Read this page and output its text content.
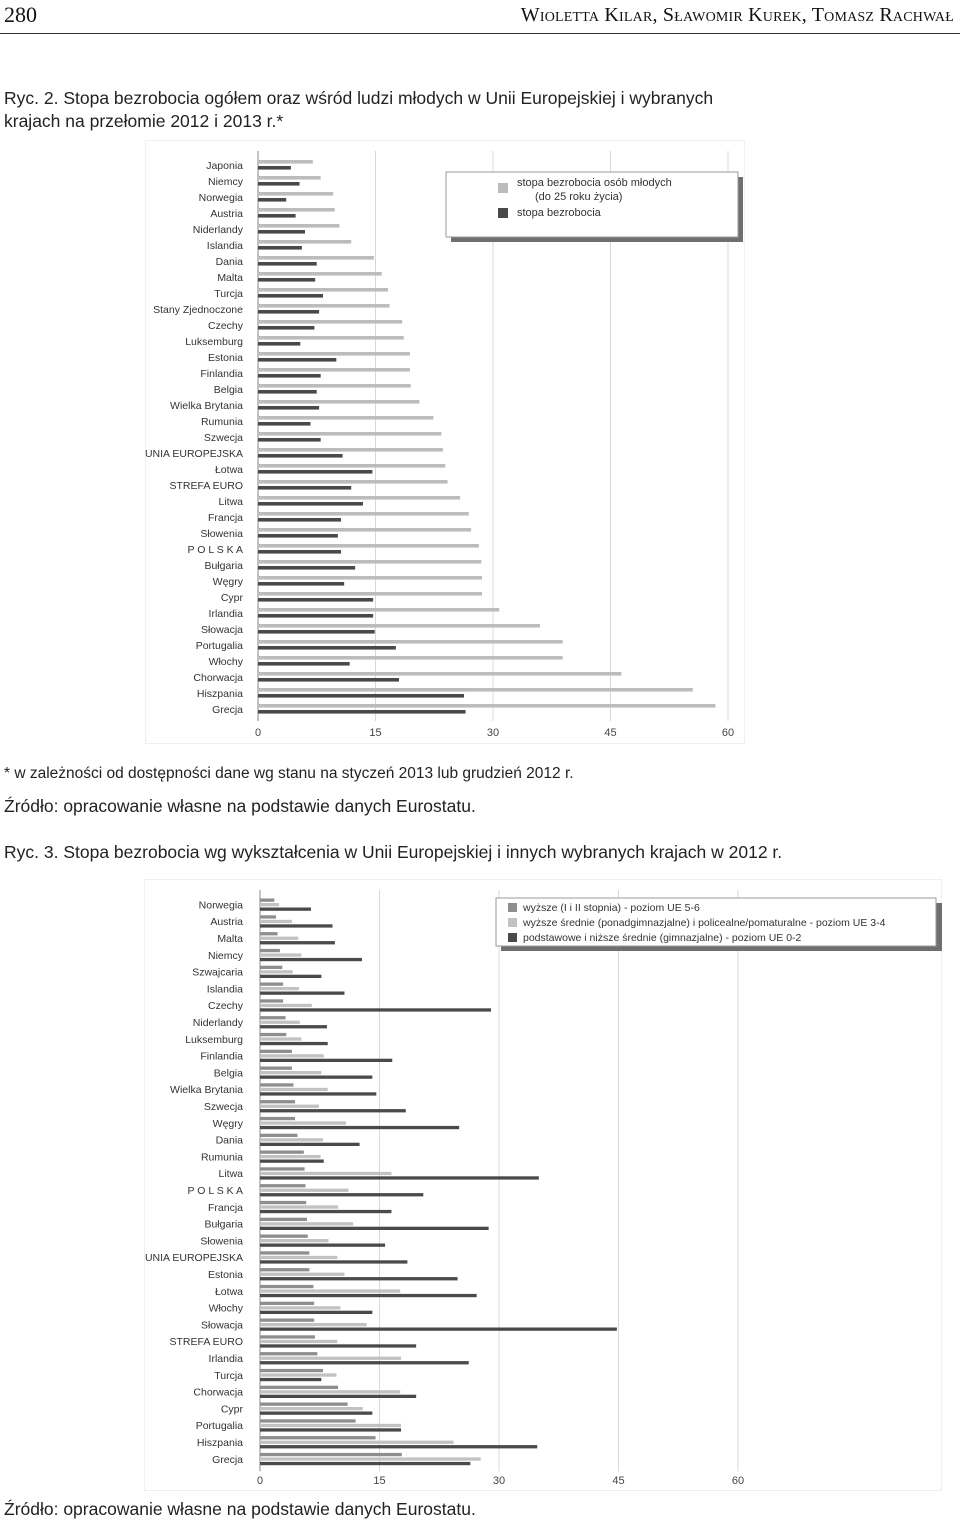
280	Wioletta Kilar, Sławomir Kurek, Tomasz Rachwał
Ryc. 2. Stopa bezrobocia ogółem oraz wśród ludzi młodych w Unii Europejskiej i wybranych
krajach na przełomie 2012 i 2013 r.*
Japonia
Niemcy
Norwegia
Austria
Niderlandy
Islandia
Dania
Malta
Turcja
Stany Zjednoczone
Czechy
Luksemburg
Estonia
Finlandia
Belgia
Wielka Brytania
Rumunia
Szwecja
UNIA EUROPEJSKA
Łotwa
STREFA EURO
Litwa
Francja
Słowenia
P O L S K A
Bułgaria
Węgry
Cypr
Irlandia
Słowacja
Portugalia
Włochy
Chorwacja
Hiszpania
Grecja
0	15	30	45	60
stopa bezrobocia osób młodych
(do 25 roku życia)
stopa bezrobocia
* w zależności od dostępności dane wg stanu na styczeń 2013 lub grudzień 2012 r.
Źródło: opracowanie własne na podstawie danych Eurostatu.
Ryc. 3. Stopa bezrobocia wg wykształcenia w Unii Europejskiej i innych wybranych krajach w 2012 r.
Norwegia
Austria
Malta
Niemcy
Szwajcaria
Islandia
Czechy
Niderlandy
Luksemburg
Finlandia
Belgia
Wielka Brytania
Szwecja
Węgry
Dania
Rumunia
Litwa
P O L S K A
Francja
Bułgaria
Słowenia
UNIA EUROPEJSKA
Estonia
Łotwa
Włochy
Słowacja
STREFA EURO
Irlandia
Turcja
Chorwacja
Cypr
Portugalia
Hiszpania
Grecja
0	15	30	45	60
wyższe (I i II stopnia) - poziom UE 5-6
wyższe średnie (ponadgimnazjalne) i policealne/pomaturalne - poziom UE 3-4
podstawowe i niższe średnie (gimnazjalne) - poziom UE 0-2
Źródło: opracowanie własne na podstawie danych Eurostatu.
